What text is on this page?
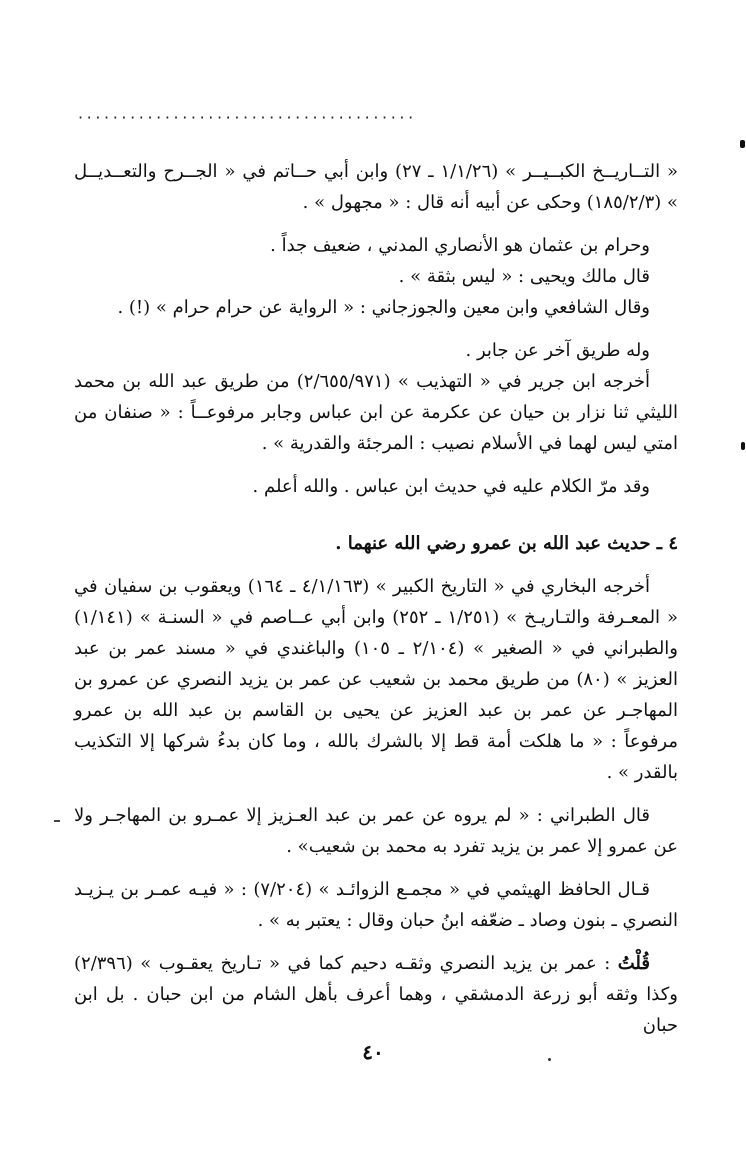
·······································

« التــاريــخ الكبــيــر » (١/١/٢٦ ـ ٢٧) وابن أبي حــاتم في « الجــرح والتعــديــل » (١٨٥/٢/٣) وحكى عن أبيه أنه قال : « مجهول » .

وحرام بن عثمان هو الأنصاري المدني ، ضعيف جداً .

قال مالك ويحيى : « ليس بثقة » .

وقال الشافعي وابن معين والجوزجاني : « الرواية عن حرام حرام » (!) .

وله طريق آخر عن جابر .

أخرجه ابن جرير في « التهذيب » (٢/٦٥٥/٩٧١) من طريق عبد الله بن محمد الليثي ثنا نزار بن حيان عن عكرمة عن ابن عباس وجابر مرفوعــاً : « صنفان من امتي ليس لهما في الأسلام نصيب : المرجئة والقدرية » .

وقد مرّ الكلام عليه في حديث ابن عباس . والله أعلم .

٤ ـ حديث عبد الله بن عمرو رضي الله عنهما .

أخرجه البخاري في « التاريخ الكبير » (٤/١/١٦٣ ـ ١٦٤) ويعقوب بن سفيان في « المعـرفة والتـاريـخ » (١/٢٥١ ـ ٢٥٢) وابن أبي عــاصم في « السنـة » (١/١٤١) والطبراني في « الصغير » (٢/١٠٤ ـ ١٠٥) والباغندي في « مسند عمر بن عبد العزيز » (٨٠) من طريق محمد بن شعيب عن عمر بن يزيد النصري عن عمرو بن المهاجـر عن عمر بن عبد العزيز عن يحيى بن القاسم بن عبد الله بن عمرو مرفوعاً : « ما هلكت أمة قط إلا بالشرك بالله ، وما كان بدءُ شركها إلا التكذيب بالقدر » .

قال الطبراني : « لم يروه عن عمر بن عبد العـزيز إلا عمـرو بن المهاجـر ولا عن عمرو إلا عمر بن يزيد تفرد به محمد بن شعيب» .

قـال الحافظ الهيثمي في « مجمـع الزوائـد » (٧/٢٠٤) : « فيـه عمـر بن يـزيـد النصري ـ بنون وصاد ـ ضعّفه ابنُ حبان وقال : يعتبر به » .

قُلْتُ : عمر بن يزيد النصري وثقـه دحيم كما في « تـاريخ يعقـوب » (٢/٣٩٦) وكذا وثقه أبو زرعة الدمشقي ، وهما أعرف بأهل الشام من ابن حبان . بل ابن حبان

٤٠
